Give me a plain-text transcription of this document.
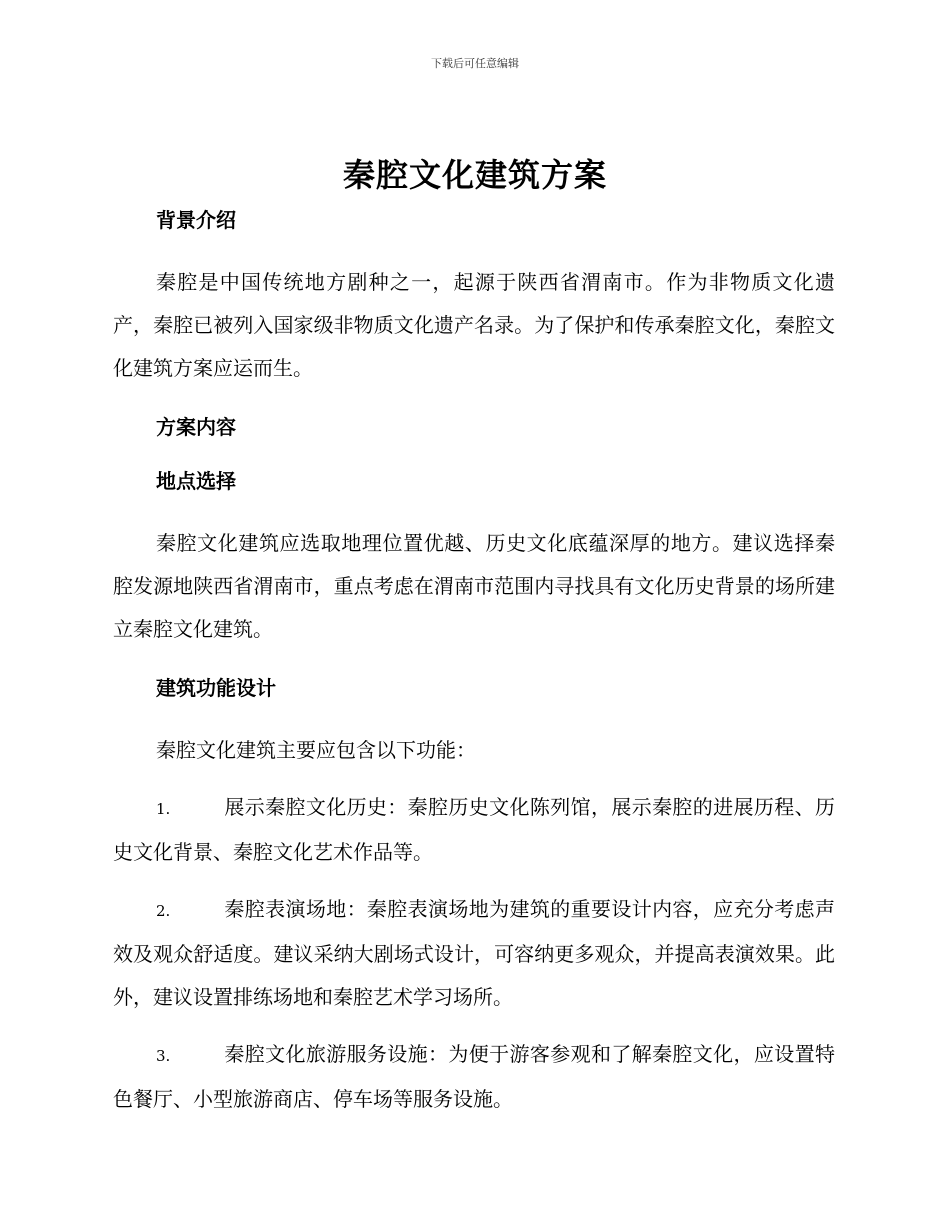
下载后可任意编辑
秦腔文化建筑方案
背景介绍

秦腔是中国传统地方剧种之一，起源于陕西省渭南市。作为非物质文化遗产，秦腔已被列入国家级非物质文化遗产名录。为了保护和传承秦腔文化，秦腔文化建筑方案应运而生。

方案内容
地点选择

秦腔文化建筑应选取地理位置优越、历史文化底蕴深厚的地方。建议选择秦腔发源地陕西省渭南市，重点考虑在渭南市范围内寻找具有文化历史背景的场所建立秦腔文化建筑。

建筑功能设计

秦腔文化建筑主要应包含以下功能：

1.	展示秦腔文化历史：秦腔历史文化陈列馆，展示秦腔的进展历程、历史文化背景、秦腔文化艺术作品等。

2.	秦腔表演场地：秦腔表演场地为建筑的重要设计内容，应充分考虑声效及观众舒适度。建议采纳大剧场式设计，可容纳更多观众，并提高表演效果。此外，建议设置排练场地和秦腔艺术学习场所。

3.	秦腔文化旅游服务设施：为便于游客参观和了解秦腔文化，应设置特色餐厅、小型旅游商店、停车场等服务设施。
